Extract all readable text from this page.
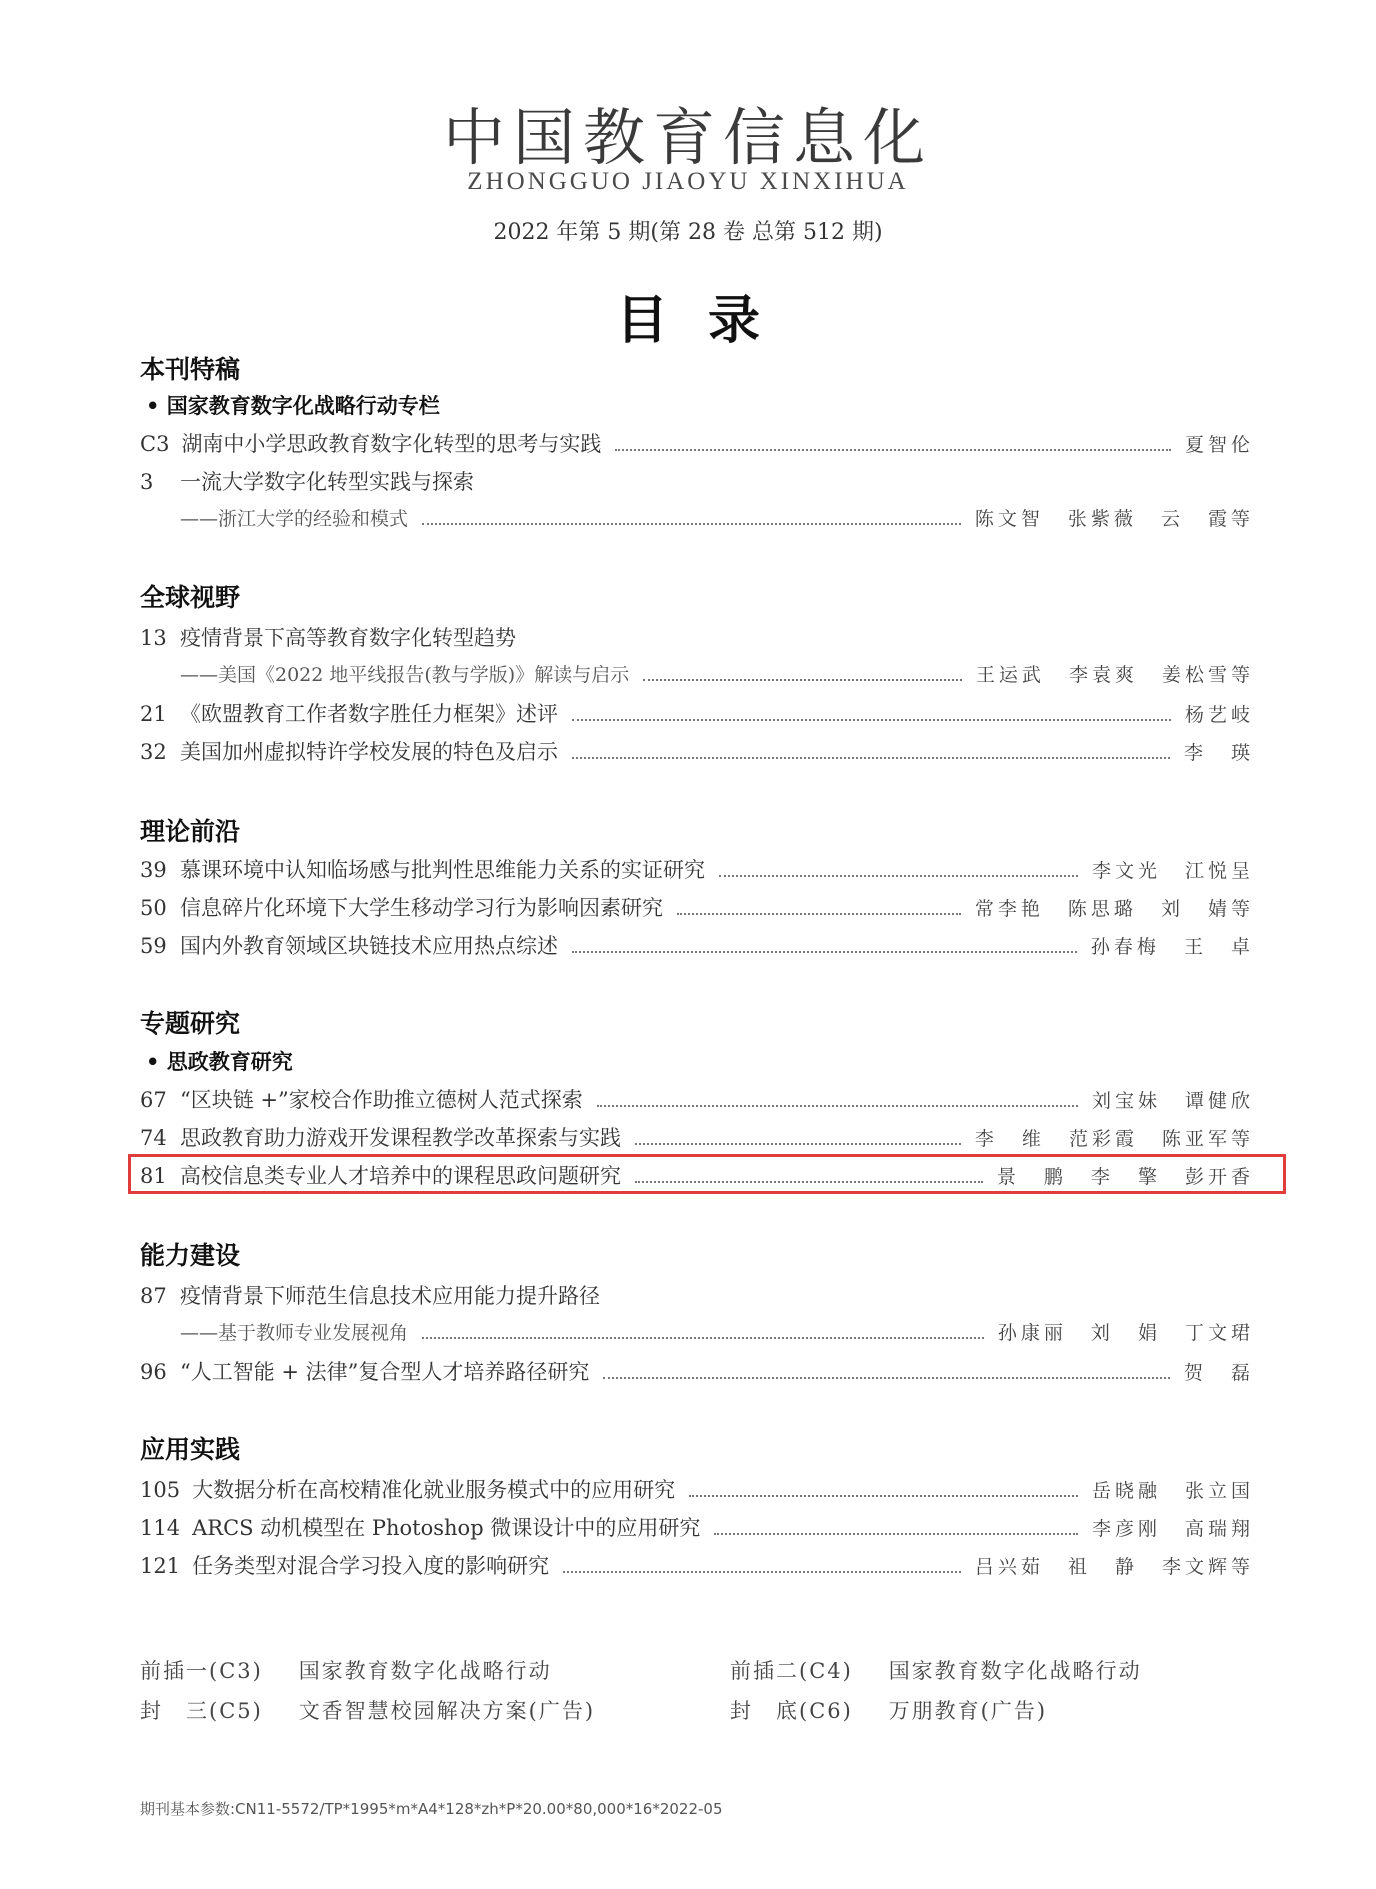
中国教育信息化
ZHONGGUO JIAOYU XINXIHUA
2022 年第 5 期(第 28 卷 总第 512 期)
目录
本刊特稿
• 国家教育数字化战略行动专栏
C3 湖南中小学思政教育数字化转型的思考与实践	夏智伦
3	一流大学数字化转型实践与探索
——浙江大学的经验和模式	陈文智 张紫薇 云 霞等
全球视野
13 疫情背景下高等教育数字化转型趋势
——美国《2022 地平线报告(教与学版)》解读与启示	王运武 李袁爽 姜松雪等
21 《欧盟教育工作者数字胜任力框架》述评	杨艺岐
32 美国加州虚拟特许学校发展的特色及启示	李 瑛
理论前沿
39 慕课环境中认知临场感与批判性思维能力关系的实证研究	李文光 江悦呈
50 信息碎片化环境下大学生移动学习行为影响因素研究	常李艳 陈思璐 刘 婧等
59 国内外教育领域区块链技术应用热点综述	孙春梅 王 卓
专题研究
• 思政教育研究
67 “区块链 +”家校合作助推立德树人范式探索	刘宝妹 谭健欣
74 思政教育助力游戏开发课程教学改革探索与实践	李 维 范彩霞 陈亚军等
81 高校信息类专业人才培养中的课程思政问题研究	景 鹏 李 擎 彭开香
能力建设
87 疫情背景下师范生信息技术应用能力提升路径
——基于教师专业发展视角	孙康丽 刘 娟 丁文珺
96 “人工智能 + 法律”复合型人才培养路径研究	贺 磊
应用实践
105 大数据分析在高校精准化就业服务模式中的应用研究	岳晓融 张立国
114 ARCS 动机模型在 Photoshop 微课设计中的应用研究	李彦刚 高瑞翔
121 任务类型对混合学习投入度的影响研究	吕兴茹 祖 静 李文辉等
前插一(C3) 国家教育数字化战略行动	前插二(C4) 国家教育数字化战略行动
封　三(C5) 文香智慧校园解决方案(广告)	封　底(C6) 万朋教育(广告)
期刊基本参数:CN11-5572/TP*1995*m*A4*128*zh*P*20.00*80,000*16*2022-05
